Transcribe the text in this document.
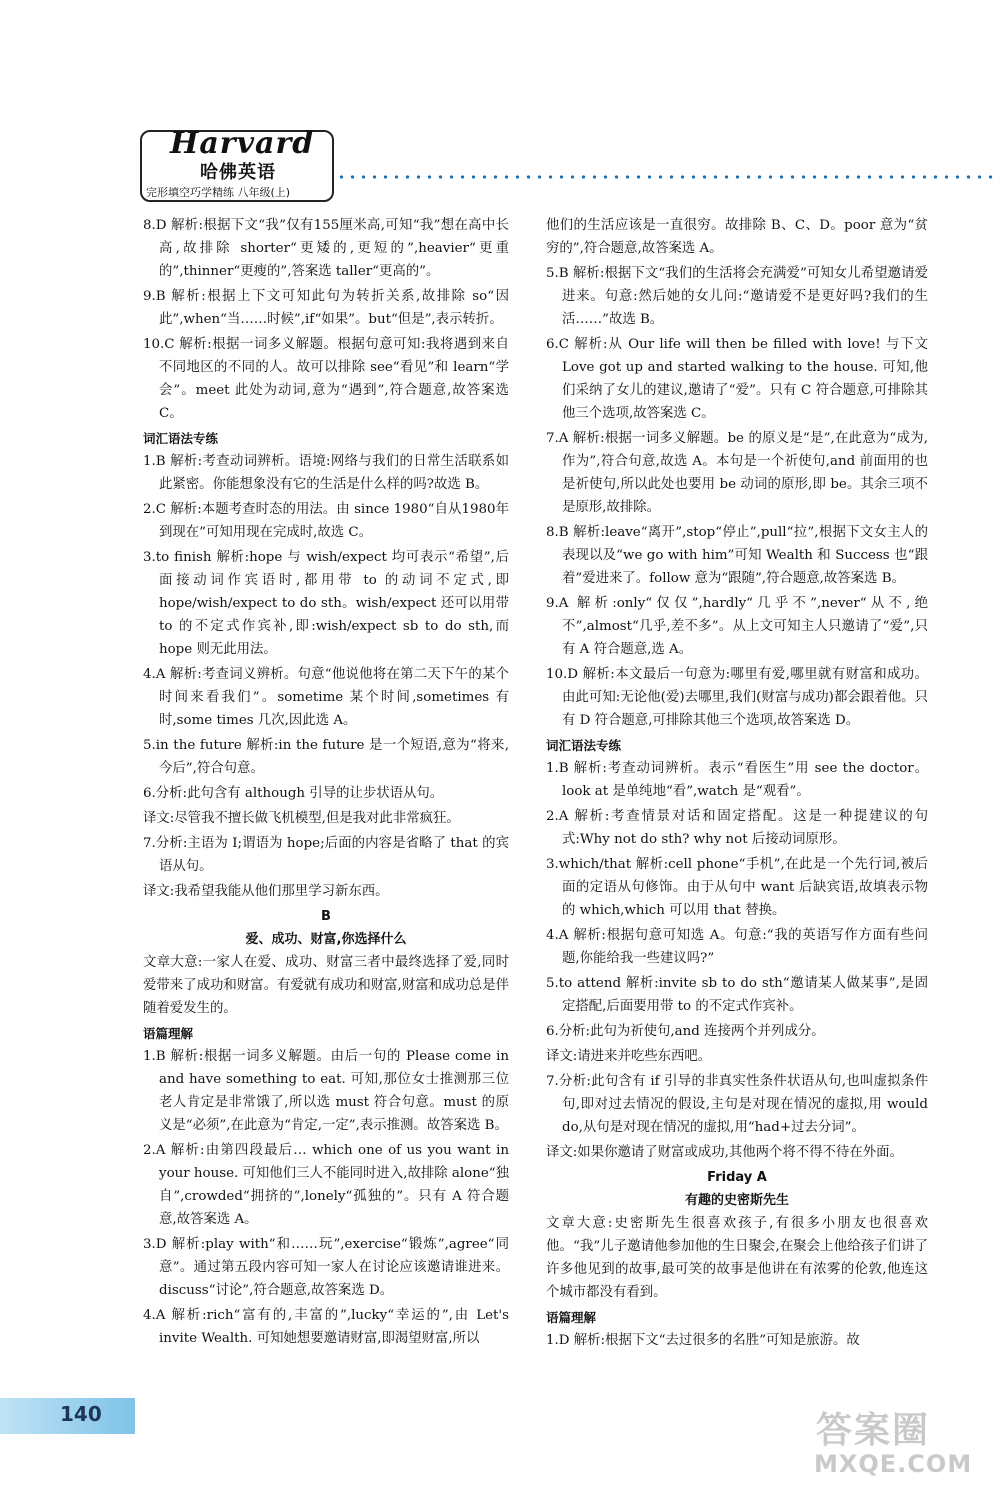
Harvard
哈佛英语
完形填空巧学精练 八年级(上)

8.D 解析:根据下文“我”仅有155厘米高,可知“我”想在高中长高,故排除 shorter“更矮的,更短的”,heavier“更重的”,thinner“更瘦的”,答案选 taller“更高的”。

9.B 解析:根据上下文可知此句为转折关系,故排除 so“因此”,when“当……时候”,if“如果”。but“但是”,表示转折。

10.C 解析:根据一词多义解题。根据句意可知:我将遇到来自不同地区的不同的人。故可以排除 see“看见”和 learn“学会”。meet 此处为动词,意为“遇到”,符合题意,故答案选 C。

词汇语法专练

1.B 解析:考查动词辨析。语境:网络与我们的日常生活联系如此紧密。你能想象没有它的生活是什么样的吗?故选 B。

2.C 解析:本题考查时态的用法。由 since 1980“自从1980年到现在”可知用现在完成时,故选 C。

3.to finish 解析:hope 与 wish/expect 均可表示“希望”,后面接动词作宾语时,都用带 to 的动词不定式,即 hope/wish/expect to do sth。wish/expect 还可以用带 to 的不定式作宾补,即:wish/expect sb to do sth,而 hope 则无此用法。

4.A 解析:考查词义辨析。句意“他说他将在第二天下午的某个时间来看我们”。sometime 某个时间,sometimes 有时,some times 几次,因此选 A。

5.in the future 解析:in the future 是一个短语,意为“将来,今后”,符合句意。

6.分析:此句含有 although 引导的让步状语从句。

译文:尽管我不擅长做飞机模型,但是我对此非常疯狂。

7.分析:主语为 I;谓语为 hope;后面的内容是省略了 that 的宾语从句。

译文:我希望我能从他们那里学习新东西。

B

爱、成功、财富,你选择什么

文章大意:一家人在爱、成功、财富三者中最终选择了爱,同时爱带来了成功和财富。有爱就有成功和财富,财富和成功总是伴随着爱发生的。

语篇理解

1.B 解析:根据一词多义解题。由后一句的 Please come in and have something to eat. 可知,那位女士推测那三位老人肯定是非常饿了,所以选 must 符合句意。must 的原义是“必须”,在此意为“肯定,一定”,表示推测。故答案选 B。

2.A 解析:由第四段最后… which one of us you want in your house. 可知他们三人不能同时进入,故排除 alone“独自”,crowded“拥挤的”,lonely“孤独的”。只有 A 符合题意,故答案选 A。

3.D 解析:play with“和……玩”,exercise“锻炼”,agree“同意”。通过第五段内容可知一家人在讨论应该邀请谁进来。discuss“讨论”,符合题意,故答案选 D。

4.A 解析:rich“富有的,丰富的”,lucky“幸运的”,由 Let's invite Wealth. 可知她想要邀请财富,即渴望财富,所以

他们的生活应该是一直很穷。故排除 B、C、D。poor 意为“贫穷的”,符合题意,故答案选 A。

5.B 解析:根据下文“我们的生活将会充满爱”可知女儿希望邀请爱进来。句意:然后她的女儿问:“邀请爱不是更好吗?我们的生活……”故选 B。

6.C 解析:从 Our life will then be filled with love! 与下文 Love got up and started walking to the house. 可知,他们采纳了女儿的建议,邀请了“爱”。只有 C 符合题意,可排除其他三个选项,故答案选 C。

7.A 解析:根据一词多义解题。be 的原义是“是”,在此意为“成为,作为”,符合句意,故选 A。本句是一个祈使句,and 前面用的也是祈使句,所以此处也要用 be 动词的原形,即 be。其余三项不是原形,故排除。

8.B 解析:leave“离开”,stop“停止”,pull“拉”,根据下文女主人的表现以及“we go with him”可知 Wealth 和 Success 也“跟着”爱进来了。follow 意为“跟随”,符合题意,故答案选 B。

9.A 解析:only“仅仅”,hardly“几乎不”,never“从不,绝不”,almost“几乎,差不多”。从上文可知主人只邀请了“爱”,只有 A 符合题意,选 A。

10.D 解析:本文最后一句意为:哪里有爱,哪里就有财富和成功。由此可知:无论他(爱)去哪里,我们(财富与成功)都会跟着他。只有 D 符合题意,可排除其他三个选项,故答案选 D。

词汇语法专练

1.B 解析:考查动词辨析。表示“看医生”用 see the doctor。look at 是单纯地“看”,watch 是“观看”。

2.A 解析:考查情景对话和固定搭配。这是一种提建议的句式:Why not do sth? why not 后接动词原形。

3.which/that 解析:cell phone“手机”,在此是一个先行词,被后面的定语从句修饰。由于从句中 want 后缺宾语,故填表示物的 which,which 可以用 that 替换。

4.A 解析:根据句意可知选 A。句意:“我的英语写作方面有些问题,你能给我一些建议吗?”

5.to attend 解析:invite sb to do sth“邀请某人做某事”,是固定搭配,后面要用带 to 的不定式作宾补。

6.分析:此句为祈使句,and 连接两个并列成分。

译文:请进来并吃些东西吧。

7.分析:此句含有 if 引导的非真实性条件状语从句,也叫虚拟条件句,即对过去情况的假设,主句是对现在情况的虚拟,用 would do,从句是对现在情况的虚拟,用“had+过去分词”。

译文:如果你邀请了财富或成功,其他两个将不得不待在外面。

Friday A

有趣的史密斯先生

文章大意:史密斯先生很喜欢孩子,有很多小朋友也很喜欢他。“我”儿子邀请他参加他的生日聚会,在聚会上他给孩子们讲了许多他见到的故事,最可笑的故事是他讲在有浓雾的伦敦,他连这个城市都没有看到。

语篇理解

1.D 解析:根据下文“去过很多的名胜”可知是旅游。故

140	答案圈
MXQE.COM
